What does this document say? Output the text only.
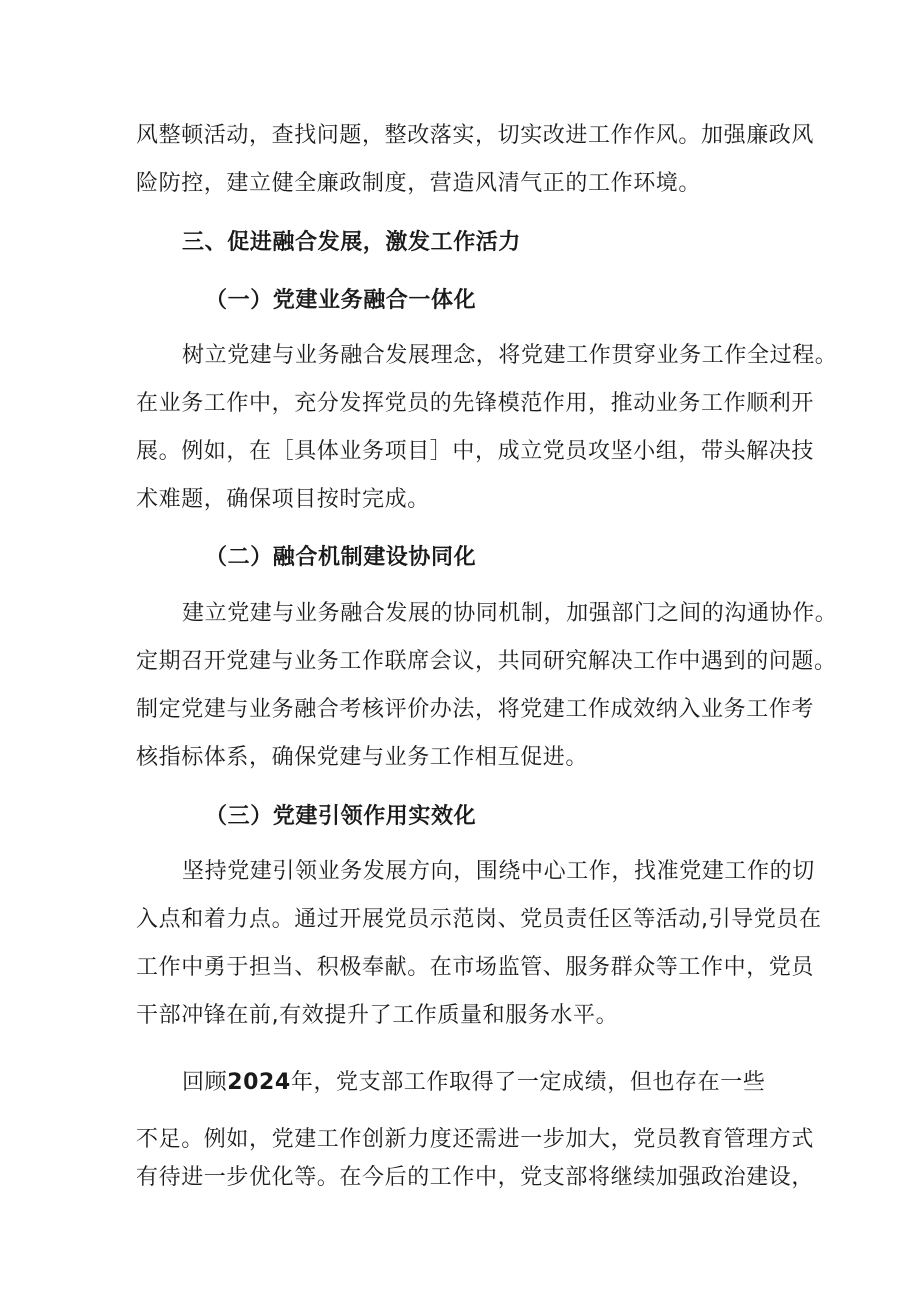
风整顿活动，查找问题，整改落实，切实改进工作作风。加强廉政风
险防控，建立健全廉政制度，营造风清气正的工作环境。
三、促进融合发展，激发工作活力
（一）党建业务融合一体化
树立党建与业务融合发展理念，将党建工作贯穿业务工作全过程。
在业务工作中，充分发挥党员的先锋模范作用，推动业务工作顺利开
展。例如，在［具体业务项目］中，成立党员攻坚小组，带头解决技
术难题，确保项目按时完成。
（二）融合机制建设协同化
建立党建与业务融合发展的协同机制，加强部门之间的沟通协作。
定期召开党建与业务工作联席会议，共同研究解决工作中遇到的问题。
制定党建与业务融合考核评价办法，将党建工作成效纳入业务工作考
核指标体系，确保党建与业务工作相互促进。
（三）党建引领作用实效化
坚持党建引领业务发展方向，围绕中心工作，找准党建工作的切
入点和着力点。通过开展党员示范岗、党员责任区等活动,引导党员在
工作中勇于担当、积极奉献。在市场监管、服务群众等工作中，党员
干部冲锋在前,有效提升了工作质量和服务水平。
回顾2024年，党支部工作取得了一定成绩，但也存在一些
不足。例如，党建工作创新力度还需进一步加大，党员教育管理方式
有待进一步优化等。在今后的工作中，党支部将继续加强政治建设，
